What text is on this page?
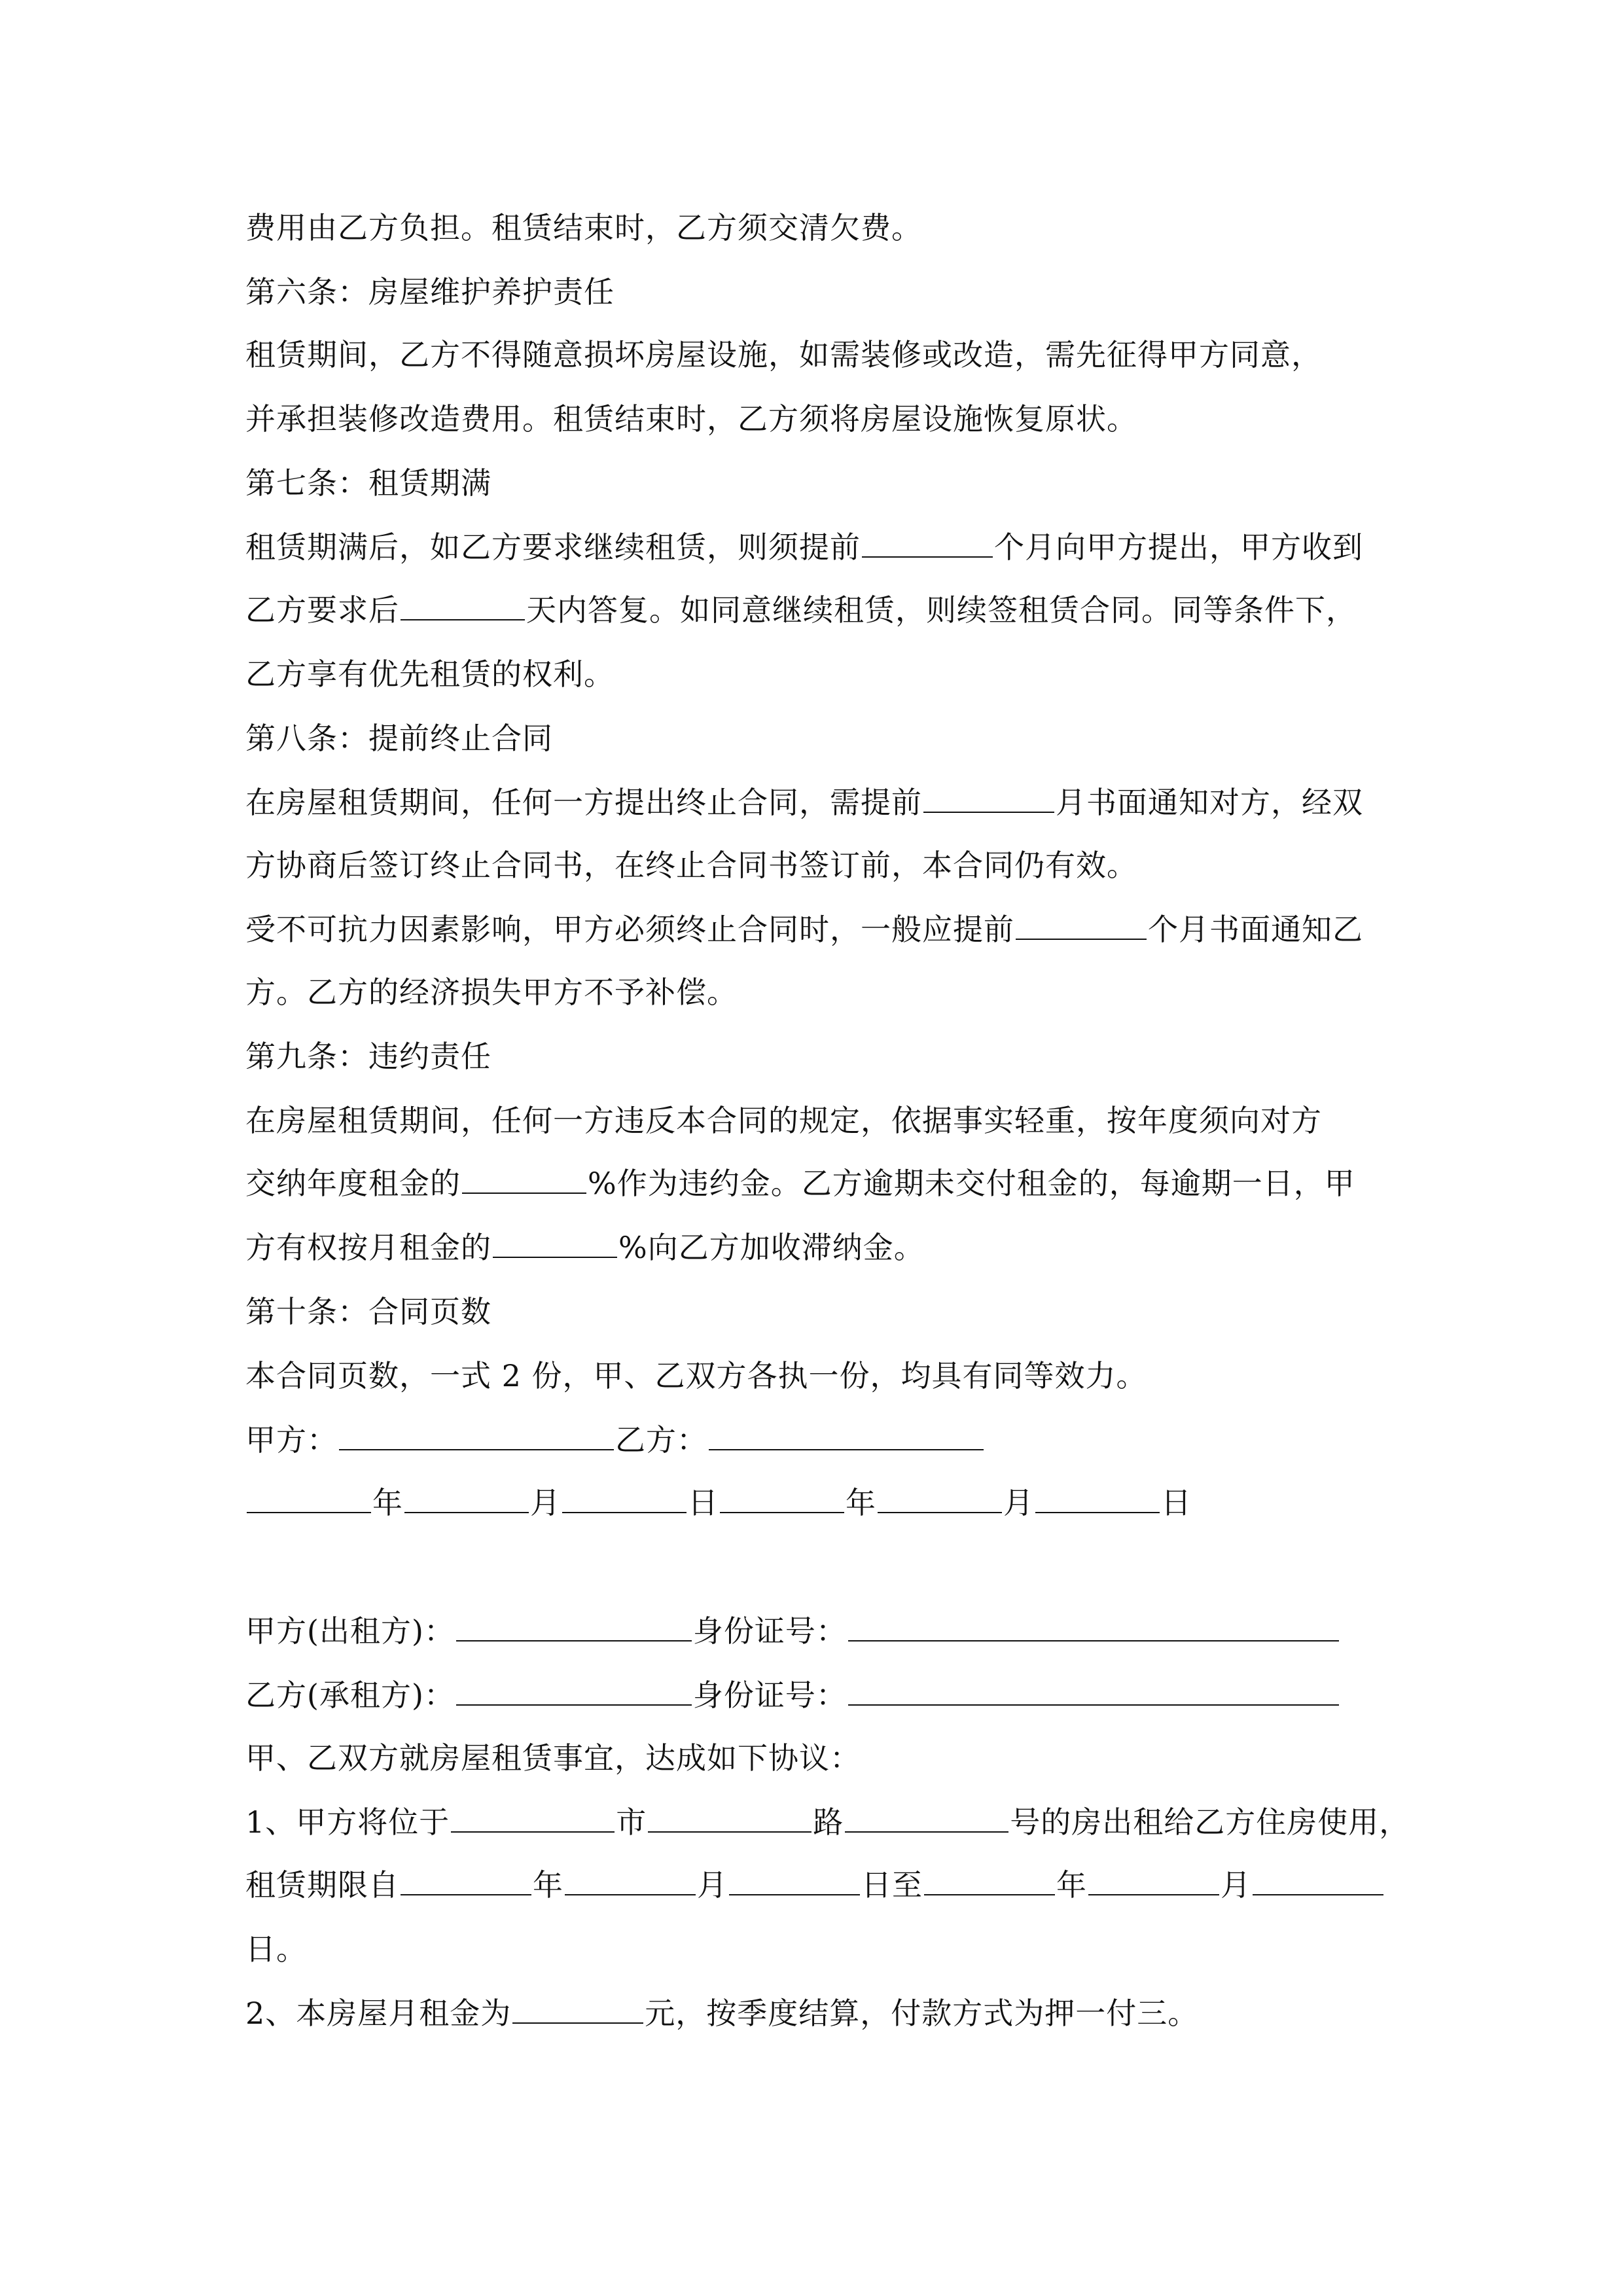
费用由乙方负担。租赁结束时，乙方须交清欠费。
第六条：房屋维护养护责任
租赁期间，乙方不得随意损坏房屋设施，如需装修或改造，需先征得甲方同意，
并承担装修改造费用。租赁结束时，乙方须将房屋设施恢复原状。
第七条：租赁期满
租赁期满后，如乙方要求继续租赁，则须提前	个月向甲方提出，甲方收到
乙方要求后	天内答复。如同意继续租赁，则续签租赁合同。同等条件下，
乙方享有优先租赁的权利。
第八条：提前终止合同
在房屋租赁期间，任何一方提出终止合同，需提前	月书面通知对方，经双
方协商后签订终止合同书，在终止合同书签订前，本合同仍有效。
受不可抗力因素影响，甲方必须终止合同时，一般应提前	个月书面通知乙
方。乙方的经济损失甲方不予补偿。
第九条：违约责任
在房屋租赁期间，任何一方违反本合同的规定，依据事实轻重，按年度须向对方
交纳年度租金的	%作为违约金。乙方逾期未交付租金的，每逾期一日，甲
方有权按月租金的	%向乙方加收滞纳金。
第十条：合同页数
本合同页数，一式 2 份，甲、乙双方各执一份，均具有同等效力。
甲方：	乙方：
年	月	日	年	月	日
甲方(出租方)：	身份证号：
乙方(承租方)：	身份证号：
甲、乙双方就房屋租赁事宜，达成如下协议：
1、甲方将位于	市	路	号的房出租给乙方住房使用，
租赁期限自	年	月	日至	年	月
日。
2、本房屋月租金为	元，按季度结算，付款方式为押一付三。
